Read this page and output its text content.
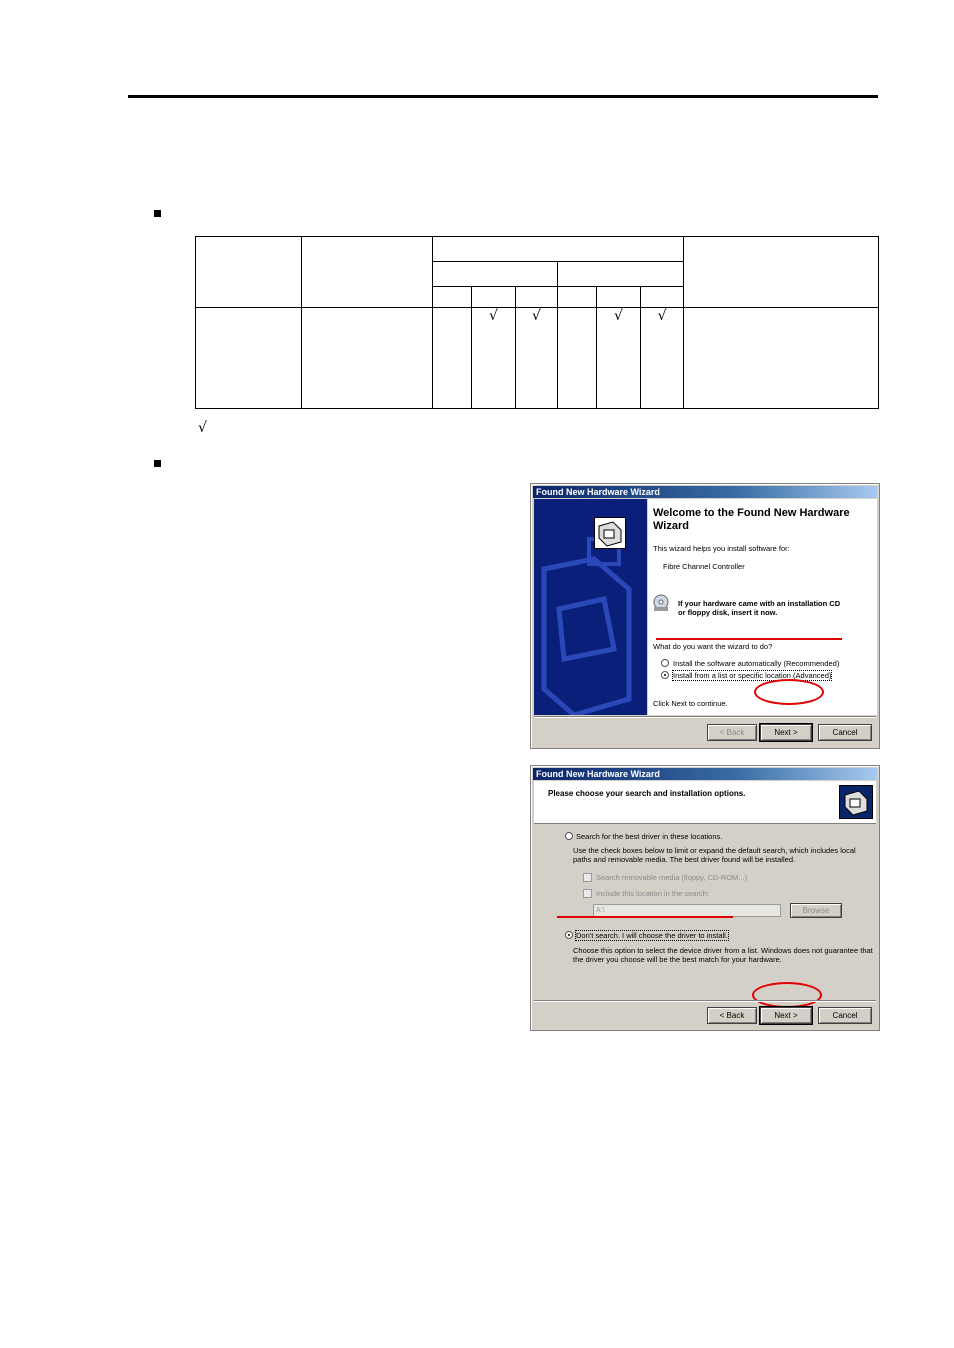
			√	√		√	√	
√
Found New Hardware Wizard
Welcome to the Found New Hardware Wizard
This wizard helps you install software for:
Fibre Channel Controller
If your hardware came with an installation CD
or floppy disk, insert it now.
What do you want the wizard to do?
Install the software automatically (Recommended)
Install from a list or specific location (Advanced)
Click Next to continue.
< Back	Next >	Cancel
Found New Hardware Wizard
Please choose your search and installation options.
Search for the best driver in these locations.
Use the check boxes below to limit or expand the default search, which includes local
paths and removable media. The best driver found will be installed.
Search removable media (floppy, CD-ROM...)
Include this location in the search:
A:\	Browse
Don't search. I will choose the driver to install.
Choose this option to select the device driver from a list. Windows does not guarantee that
the driver you choose will be the best match for your hardware.
< Back	Next >	Cancel
